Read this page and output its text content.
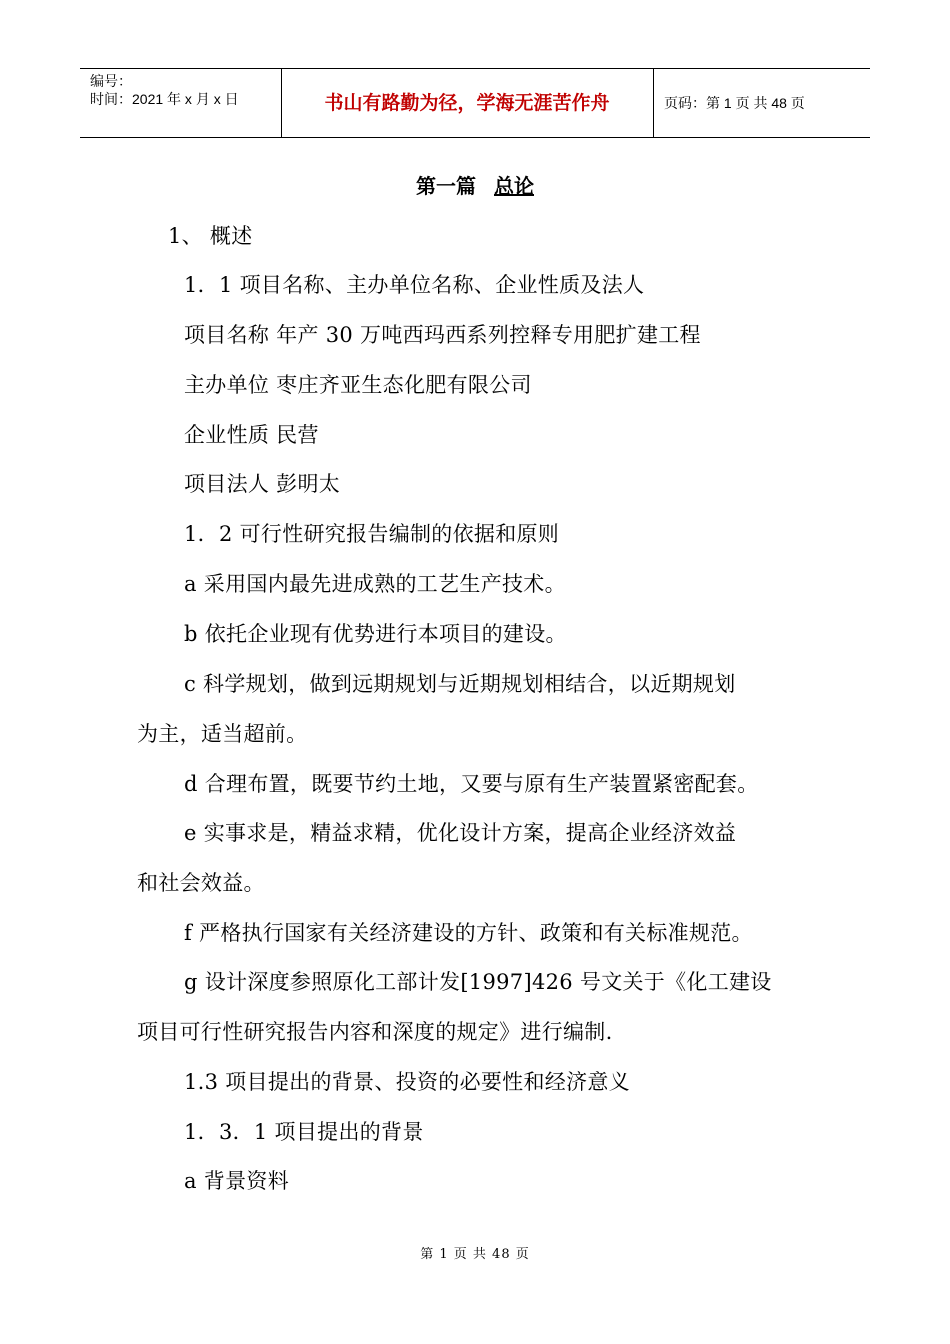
编号：
时间：2021 年 x 月 x 日	书山有路勤为径，学海无涯苦作舟	页码：第 1 页 共 48 页
第一篇 总论
1、 概述
1．1 项目名称、主办单位名称、企业性质及法人
项目名称 年产 30 万吨西玛西系列控释专用肥扩建工程
主办单位 枣庄齐亚生态化肥有限公司
企业性质 民营
项目法人 彭明太
1．2 可行性研究报告编制的依据和原则
a 采用国内最先进成熟的工艺生产技术。
b 依托企业现有优势进行本项目的建设。
c 科学规划，做到远期规划与近期规划相结合，以近期规划
为主，适当超前。
d 合理布置，既要节约土地，又要与原有生产装置紧密配套。
e 实事求是，精益求精，优化设计方案，提高企业经济效益
和社会效益。
f 严格执行国家有关经济建设的方针、政策和有关标准规范。
g 设计深度参照原化工部计发[1997]426 号文关于《化工建设
项目可行性研究报告内容和深度的规定》进行编制.
1.3 项目提出的背景、投资的必要性和经济意义
1．3．1 项目提出的背景
a 背景资料
第 1 页 共 48 页
